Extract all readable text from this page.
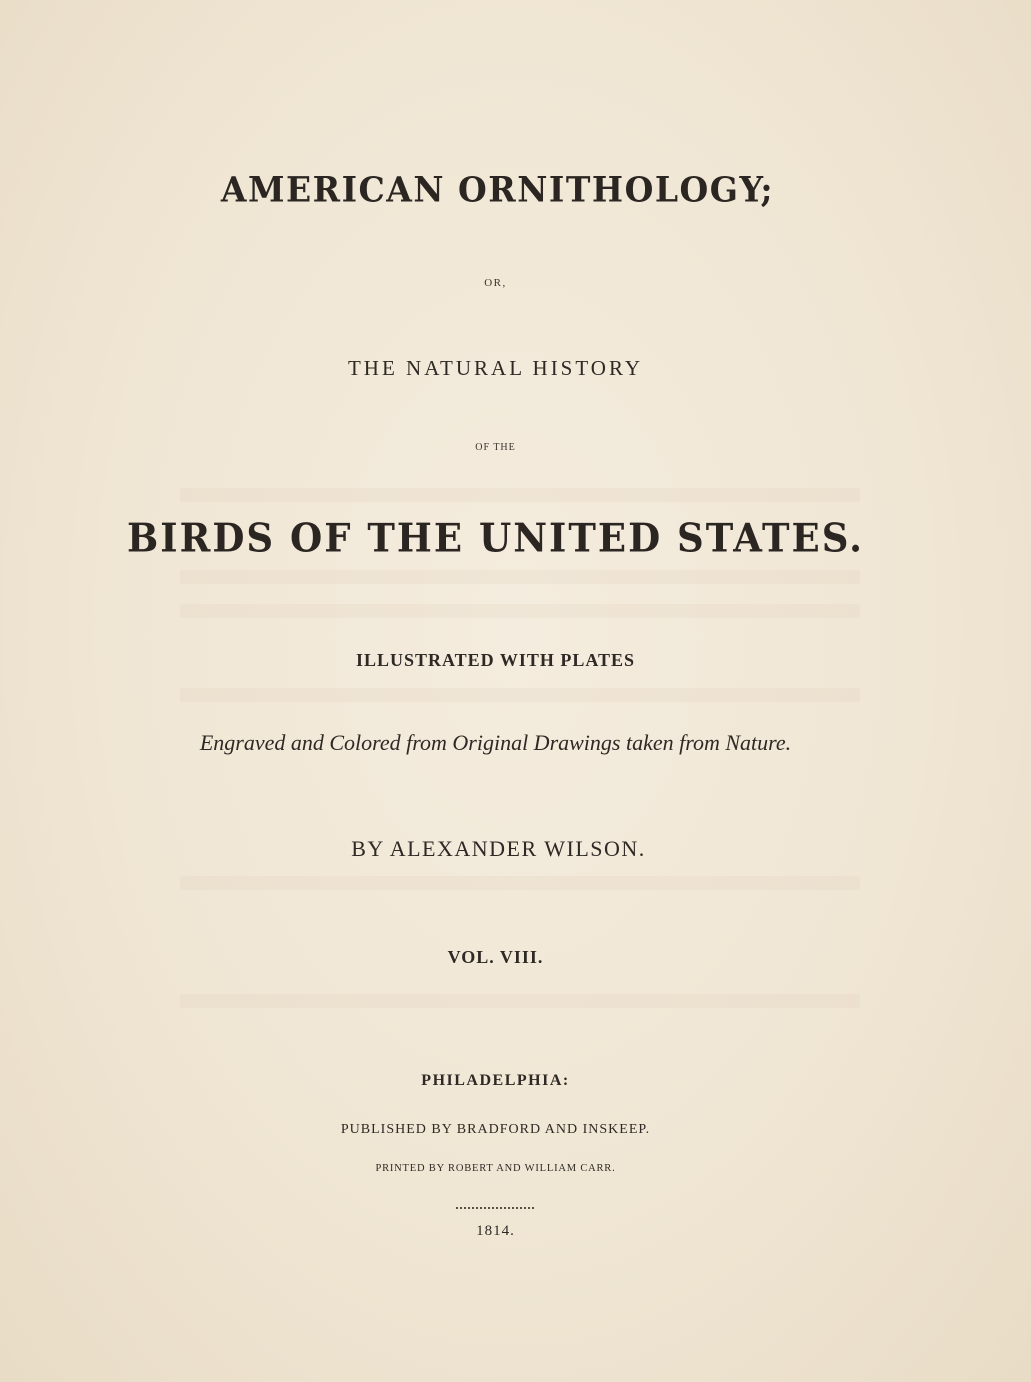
AMERICAN ORNITHOLOGY;
OR,
THE NATURAL HISTORY
OF THE
BIRDS OF THE UNITED STATES.
ILLUSTRATED WITH PLATES
Engraved and Colored from Original Drawings taken from Nature.
BY ALEXANDER WILSON.
VOL. VIII.
PHILADELPHIA:
PUBLISHED BY BRADFORD AND INSKEEP.
PRINTED BY ROBERT AND WILLIAM CARR.
1814.
